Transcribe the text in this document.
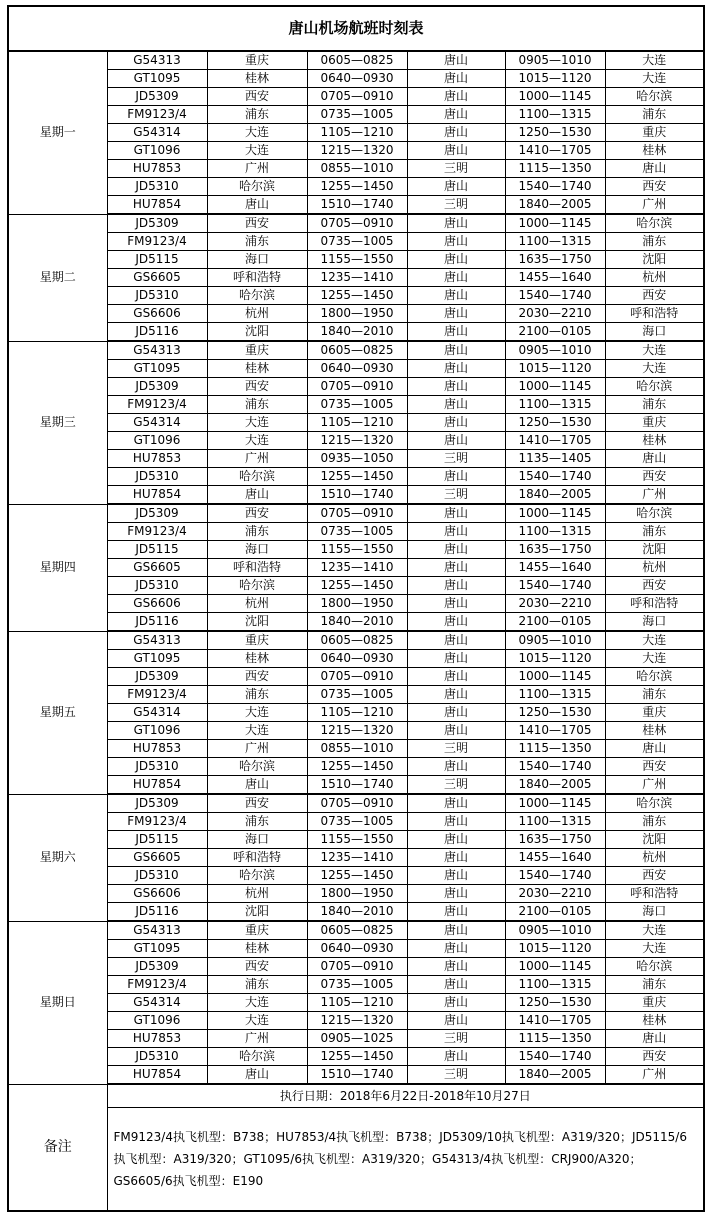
唐山机场航班时刻表						
星期一	G54313	重庆	0605—0825	唐山	0905—1010	大连
	GT1095	桂林	0640—0930	唐山	1015—1120	大连
	JD5309	西安	0705—0910	唐山	1000—1145	哈尔滨
	FM9123/4	浦东	0735—1005	唐山	1100—1315	浦东
	G54314	大连	1105—1210	唐山	1250—1530	重庆
	GT1096	大连	1215—1320	唐山	1410—1705	桂林
	HU7853	广州	0855—1010	三明	1115—1350	唐山
	JD5310	哈尔滨	1255—1450	唐山	1540—1740	西安
	HU7854	唐山	1510—1740	三明	1840—2005	广州
星期二	JD5309	西安	0705—0910	唐山	1000—1145	哈尔滨
	FM9123/4	浦东	0735—1005	唐山	1100—1315	浦东
	JD5115	海口	1155—1550	唐山	1635—1750	沈阳
	GS6605	呼和浩特	1235—1410	唐山	1455—1640	杭州
	JD5310	哈尔滨	1255—1450	唐山	1540—1740	西安
	GS6606	杭州	1800—1950	唐山	2030—2210	呼和浩特
	JD5116	沈阳	1840—2010	唐山	2100—0105	海口
星期三	G54313	重庆	0605—0825	唐山	0905—1010	大连
	GT1095	桂林	0640—0930	唐山	1015—1120	大连
	JD5309	西安	0705—0910	唐山	1000—1145	哈尔滨
	FM9123/4	浦东	0735—1005	唐山	1100—1315	浦东
	G54314	大连	1105—1210	唐山	1250—1530	重庆
	GT1096	大连	1215—1320	唐山	1410—1705	桂林
	HU7853	广州	0935—1050	三明	1135—1405	唐山
	JD5310	哈尔滨	1255—1450	唐山	1540—1740	西安
	HU7854	唐山	1510—1740	三明	1840—2005	广州
星期四	JD5309	西安	0705—0910	唐山	1000—1145	哈尔滨
	FM9123/4	浦东	0735—1005	唐山	1100—1315	浦东
	JD5115	海口	1155—1550	唐山	1635—1750	沈阳
	GS6605	呼和浩特	1235—1410	唐山	1455—1640	杭州
	JD5310	哈尔滨	1255—1450	唐山	1540—1740	西安
	GS6606	杭州	1800—1950	唐山	2030—2210	呼和浩特
	JD5116	沈阳	1840—2010	唐山	2100—0105	海口
星期五	G54313	重庆	0605—0825	唐山	0905—1010	大连
	GT1095	桂林	0640—0930	唐山	1015—1120	大连
	JD5309	西安	0705—0910	唐山	1000—1145	哈尔滨
	FM9123/4	浦东	0735—1005	唐山	1100—1315	浦东
	G54314	大连	1105—1210	唐山	1250—1530	重庆
	GT1096	大连	1215—1320	唐山	1410—1705	桂林
	HU7853	广州	0855—1010	三明	1115—1350	唐山
	JD5310	哈尔滨	1255—1450	唐山	1540—1740	西安
	HU7854	唐山	1510—1740	三明	1840—2005	广州
星期六	JD5309	西安	0705—0910	唐山	1000—1145	哈尔滨
	FM9123/4	浦东	0735—1005	唐山	1100—1315	浦东
	JD5115	海口	1155—1550	唐山	1635—1750	沈阳
	GS6605	呼和浩特	1235—1410	唐山	1455—1640	杭州
	JD5310	哈尔滨	1255—1450	唐山	1540—1740	西安
	GS6606	杭州	1800—1950	唐山	2030—2210	呼和浩特
	JD5116	沈阳	1840—2010	唐山	2100—0105	海口
星期日	G54313	重庆	0605—0825	唐山	0905—1010	大连
	GT1095	桂林	0640—0930	唐山	1015—1120	大连
	JD5309	西安	0705—0910	唐山	1000—1145	哈尔滨
	FM9123/4	浦东	0735—1005	唐山	1100—1315	浦东
	G54314	大连	1105—1210	唐山	1250—1530	重庆
	GT1096	大连	1215—1320	唐山	1410—1705	桂林
	HU7853	广州	0905—1025	三明	1115—1350	唐山
	JD5310	哈尔滨	1255—1450	唐山	1540—1740	西安
	HU7854	唐山	1510—1740	三明	1840—2005	广州
备注	执行日期：2018年6月22日-2018年10月27日					
	FM9123/4执飞机型：B738；HU7853/4执飞机型：B738；JD5309/10执飞机型：A319/320；JD5115/6执飞机型：A319/320；GT1095/6执飞机型：A319/320；G54313/4执飞机型：CRJ900/A320；GS6605/6执飞机型：E190					
